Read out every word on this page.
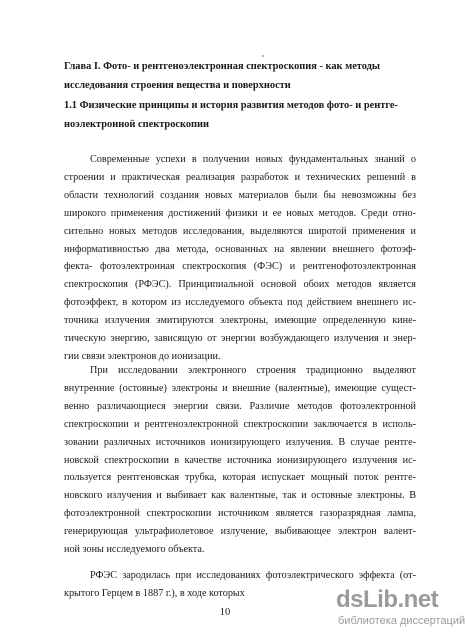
Глава I. Фото- и рентгеноэлектронная спектроскопия - как методы
исследования строения вещества и поверхности
1.1 Физические принципы и история развития методов фото- и рентге-
ноэлектронной спектроскопии
Современные успехи в получении новых фундаментальных знаний о
строении и практическая реализация разработок и технических решений в
области технологий создания новых материалов были бы невозможны без
широкого применения достижений физики и ее новых методов. Среди отно-
сительно новых методов исследования, выделяются широтой применения и
информативностью два метода, основанных на явлении внешнего фотоэф-
фекта- фотоэлектронная спектроскопия (ФЭС) и рентгенофотоэлектронная
спектроскопия (РФЭС). Принципиальной основой обоих методов является
фотоэффект, в котором из исследуемого объекта под действием внешнего ис-
точника излучения эмитируются электроны, имеющие определенную кине-
тическую энергию, зависящую от энергии возбуждающего излучения и энер-
гии связи электронов до ионизации.
При исследовании электронного строения традиционно выделяют
внутренние (остовные) электроны и внешние (валентные), имеющие сущест-
венно различающиеся энергии связи. Различие методов фотоэлектронной
спектроскопии и рентгеноэлектронной спектроскопии заключается в исполь-
зовании различных источников ионизирующего излучения. В случае рентге-
новской спектроскопии в качестве источника ионизирующего излучения ис-
пользуется рентгеновская трубка, которая испускает мощный поток рентге-
новского излучения и выбивает как валентные, так и остовные электроны. В
фотоэлектронной спектроскопии источником является газоразрядная лампа,
генерирующая ультрафиолетовое излучение, выбивающее электрон валент-
ной зоны исследуемого объекта.
РФЭС зародилась при исследованиях фотоэлектрического эффекта (от-
крытого Герцем в 1887 г.), в ходе которых
10	dsLib.net
библиотека диссертаций
